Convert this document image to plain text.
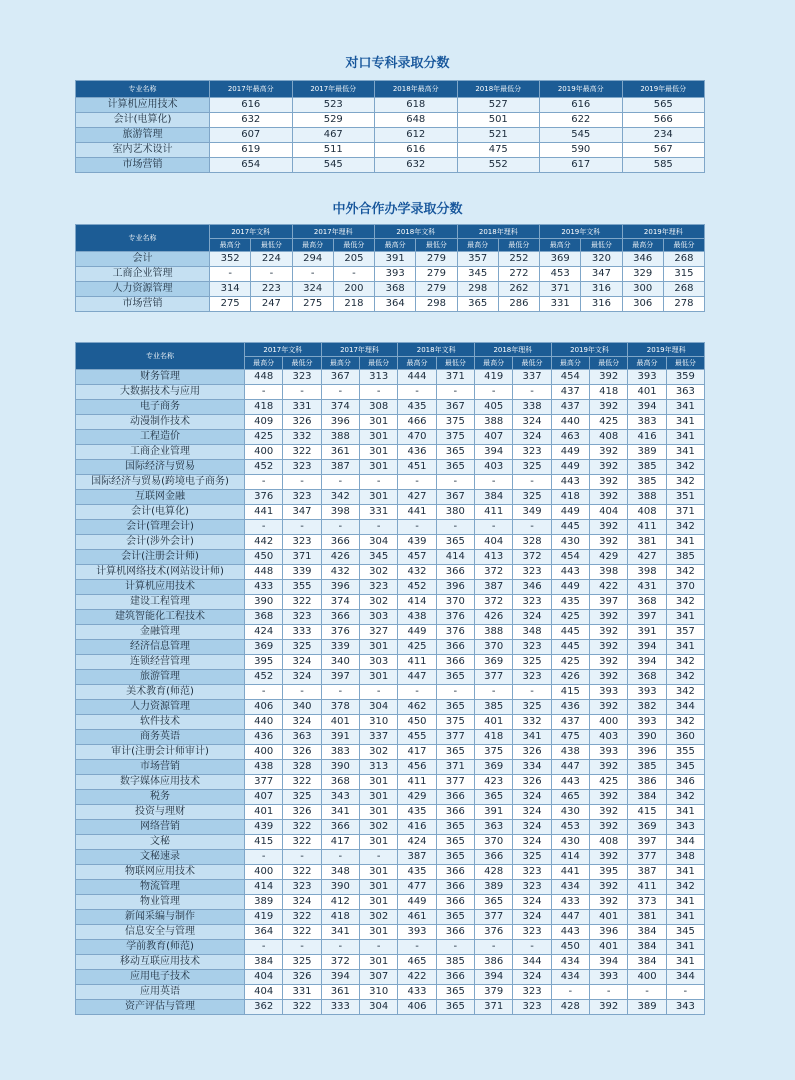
对口专科录取分数
专业名称	2017年最高分	2017年最低分	2018年最高分	2018年最低分	2019年最高分	2019年最低分
计算机应用技术	616	523	618	527	616	565
会计(电算化)	632	529	648	501	622	566
旅游管理	607	467	612	521	545	234
室内艺术设计	619	511	616	475	590	567
市场营销	654	545	632	552	617	585
中外合作办学录取分数
专业名称	2017年文科		2017年理科		2018年文科		2018年理科		2019年文科		2019年理科	
	最高分	最低分	最高分	最低分	最高分	最低分	最高分	最低分	最高分	最低分	最高分	最低分
会计	352	224	294	205	391	279	357	252	369	320	346	268
工商企业管理	-	-	-	-	393	279	345	272	453	347	329	315
人力资源管理	314	223	324	200	368	279	298	262	371	316	300	268
市场营销	275	247	275	218	364	298	365	286	331	316	306	278
专业名称	2017年文科		2017年理科		2018年文科		2018年理科		2019年文科		2019年理科	
	最高分	最低分	最高分	最低分	最高分	最低分	最高分	最低分	最高分	最低分	最高分	最低分
财务管理	448	323	367	313	444	371	419	337	454	392	393	359
大数据技术与应用	-	-	-	-	-	-	-	-	437	418	401	363
电子商务	418	331	374	308	435	367	405	338	437	392	394	341
动漫制作技术	409	326	396	301	466	375	388	324	440	425	383	341
工程造价	425	332	388	301	470	375	407	324	463	408	416	341
工商企业管理	400	322	361	301	436	365	394	323	449	392	389	341
国际经济与贸易	452	323	387	301	451	365	403	325	449	392	385	342
国际经济与贸易(跨境电子商务)	-	-	-	-	-	-	-	-	443	392	385	342
互联网金融	376	323	342	301	427	367	384	325	418	392	388	351
会计(电算化)	441	347	398	331	441	380	411	349	449	404	408	371
会计(管理会计)	-	-	-	-	-	-	-	-	445	392	411	342
会计(涉外会计)	442	323	366	304	439	365	404	328	430	392	381	341
会计(注册会计师)	450	371	426	345	457	414	413	372	454	429	427	385
计算机网络技术(网站设计师)	448	339	432	302	432	366	372	323	443	398	398	342
计算机应用技术	433	355	396	323	452	396	387	346	449	422	431	370
建设工程管理	390	322	374	302	414	370	372	323	435	397	368	342
建筑智能化工程技术	368	323	366	303	438	376	426	324	425	392	397	341
金融管理	424	333	376	327	449	376	388	348	445	392	391	357
经济信息管理	369	325	339	301	425	366	370	323	445	392	394	341
连锁经营管理	395	324	340	303	411	366	369	325	425	392	394	342
旅游管理	452	324	397	301	447	365	377	323	426	392	368	342
美术教育(师范)	-	-	-	-	-	-	-	-	415	393	393	342
人力资源管理	406	340	378	304	462	365	385	325	436	392	382	344
软件技术	440	324	401	310	450	375	401	332	437	400	393	342
商务英语	436	363	391	337	455	377	418	341	475	403	390	360
审计(注册会计师审计)	400	326	383	302	417	365	375	326	438	393	396	355
市场营销	438	328	390	313	456	371	369	334	447	392	385	345
数字媒体应用技术	377	322	368	301	411	377	423	326	443	425	386	346
税务	407	325	343	301	429	366	365	324	465	392	384	342
投资与理财	401	326	341	301	435	366	391	324	430	392	415	341
网络营销	439	322	366	302	416	365	363	324	453	392	369	343
文秘	415	322	417	301	424	365	370	324	430	408	397	344
文秘速录	-	-	-	-	387	365	366	325	414	392	377	348
物联网应用技术	400	322	348	301	435	366	428	323	441	395	387	341
物流管理	414	323	390	301	477	366	389	323	434	392	411	342
物业管理	389	324	412	301	449	366	365	324	433	392	373	341
新闻采编与制作	419	322	418	302	461	365	377	324	447	401	381	341
信息安全与管理	364	322	341	301	393	366	376	323	443	396	384	345
学前教育(师范)	-	-	-	-	-	-	-	-	450	401	384	341
移动互联应用技术	384	325	372	301	465	385	386	344	434	394	384	341
应用电子技术	404	326	394	307	422	366	394	324	434	393	400	344
应用英语	404	331	361	310	433	365	379	323	-	-	-	-
资产评估与管理	362	322	333	304	406	365	371	323	428	392	389	343
